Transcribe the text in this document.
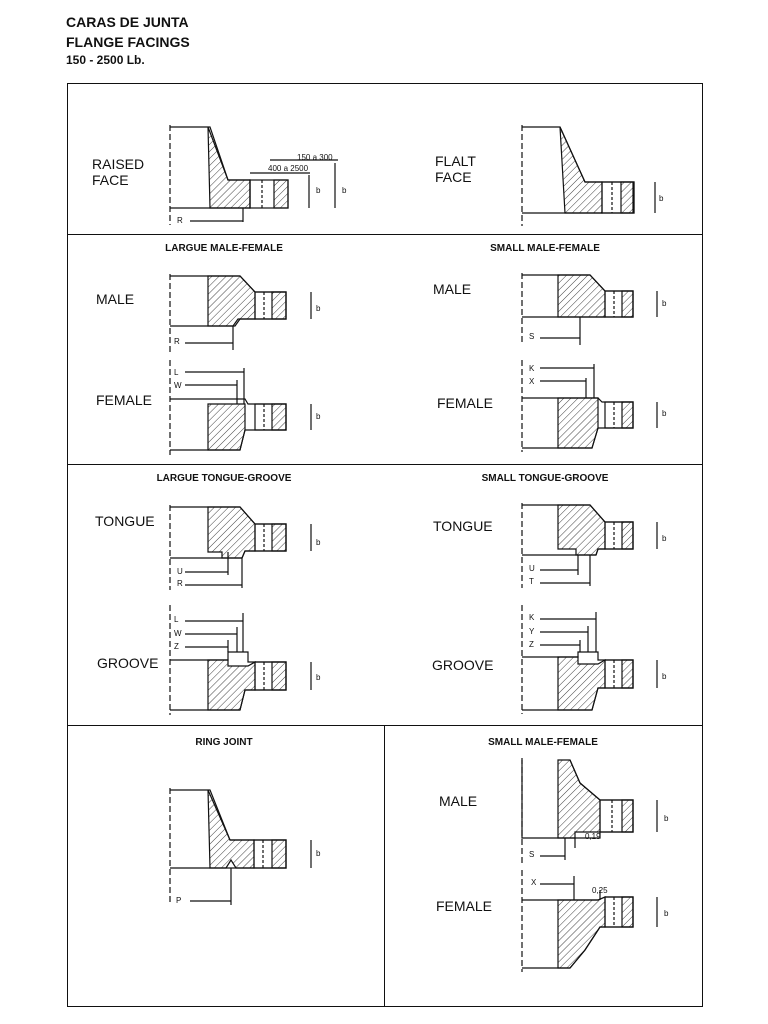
CARAS DE JUNTA
FLANGE FACINGS
150 - 2500 Lb.
LARGUE MALE-FEMALE	SMALL MALE-FEMALE
LARGUE TONGUE-GROOVE	SMALL TONGUE-GROOVE
RING JOINT	SMALL MALE-FEMALE
RAISED
FACE
FLALT
FACE
MALE
FEMALE
MALE
FEMALE
TONGUE
GROOVE
TONGUE
GROOVE
MALE
FEMALE
150 a 300
400 a 2500
b	b
R
b
b
b
R
L
W
b
b
S
K
X
b
b
U
R
L
W
Z
b
b
U
T
K
Y
Z
b
P
b
b
0,19
0,25
S
X
